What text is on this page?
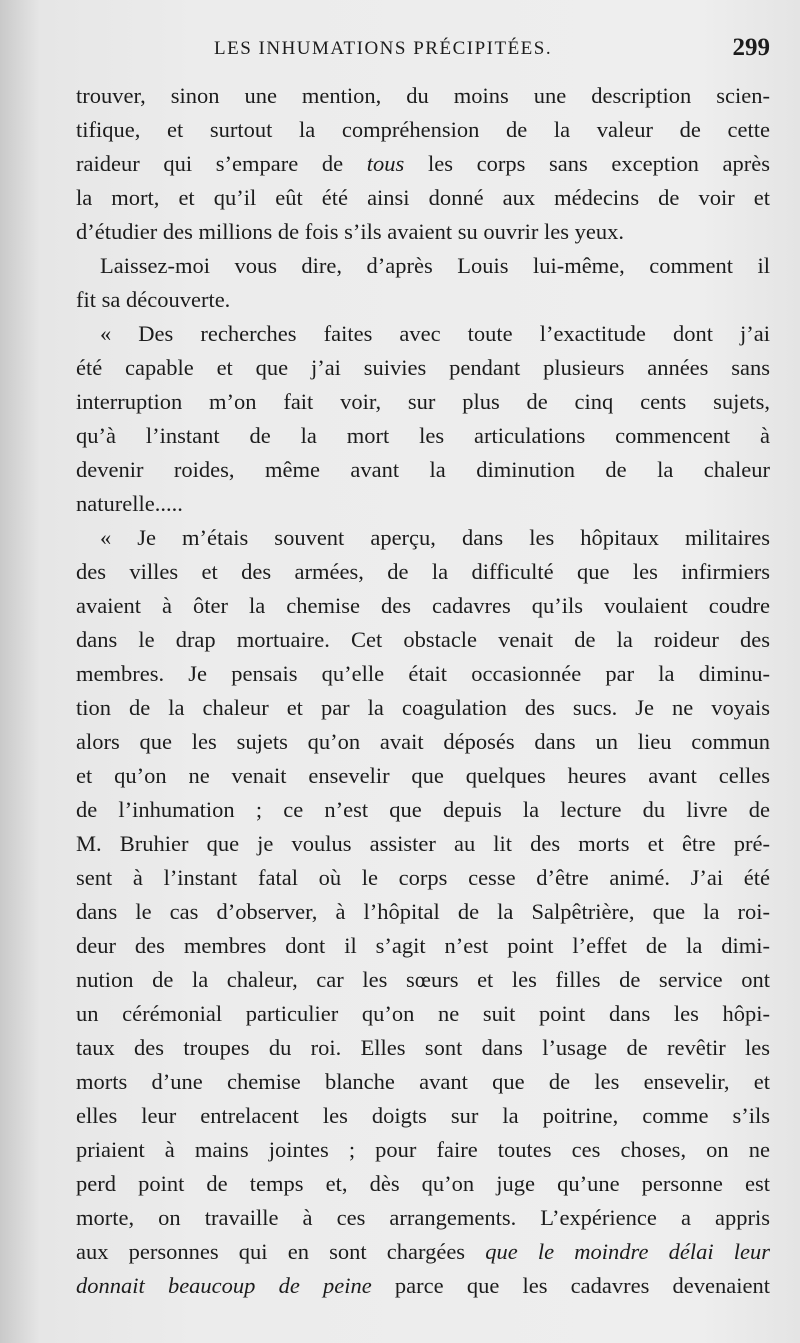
LES INHUMATIONS PRÉCIPITÉES.	299
trouver, sinon une mention, du moins une description scien-
tifique, et surtout la compréhension de la valeur de cette
raideur qui s’empare de tous les corps sans exception après
la mort, et qu’il eût été ainsi donné aux médecins de voir et
d’étudier des millions de fois s’ils avaient su ouvrir les yeux.
Laissez-moi vous dire, d’après Louis lui-même, comment il
fit sa découverte.
« Des recherches faites avec toute l’exactitude dont j’ai
été capable et que j’ai suivies pendant plusieurs années sans
interruption m’on fait voir, sur plus de cinq cents sujets,
qu’à l’instant de la mort les articulations commencent à
devenir roides, même avant la diminution de la chaleur
naturelle.....
« Je m’étais souvent aperçu, dans les hôpitaux militaires
des villes et des armées, de la difficulté que les infirmiers
avaient à ôter la chemise des cadavres qu’ils voulaient coudre
dans le drap mortuaire. Cet obstacle venait de la roideur des
membres. Je pensais qu’elle était occasionnée par la diminu-
tion de la chaleur et par la coagulation des sucs. Je ne voyais
alors que les sujets qu’on avait déposés dans un lieu commun
et qu’on ne venait ensevelir que quelques heures avant celles
de l’inhumation ; ce n’est que depuis la lecture du livre de
M. Bruhier que je voulus assister au lit des morts et être pré-
sent à l’instant fatal où le corps cesse d’être animé. J’ai été
dans le cas d’observer, à l’hôpital de la Salpêtrière, que la roi-
deur des membres dont il s’agit n’est point l’effet de la dimi-
nution de la chaleur, car les sœurs et les filles de service ont
un cérémonial particulier qu’on ne suit point dans les hôpi-
taux des troupes du roi. Elles sont dans l’usage de revêtir les
morts d’une chemise blanche avant que de les ensevelir, et
elles leur entrelacent les doigts sur la poitrine, comme s’ils
priaient à mains jointes ; pour faire toutes ces choses, on ne
perd point de temps et, dès qu’on juge qu’une personne est
morte, on travaille à ces arrangements. L’expérience a appris
aux personnes qui en sont chargées que le moindre délai leur
donnait beaucoup de peine parce que les cadavres devenaient
